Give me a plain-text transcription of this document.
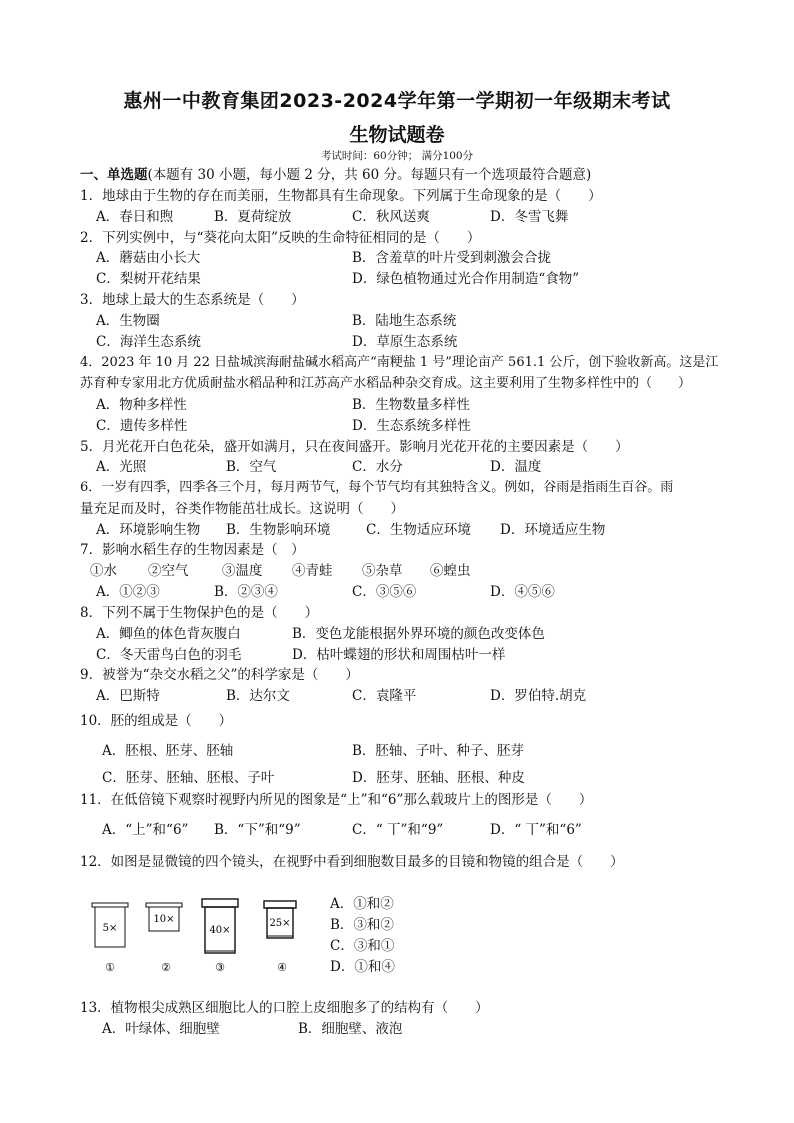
惠州一中教育集团2023-2024学年第一学期初一年级期末考试
生物试题卷
考试时间：60分钟； 满分100分
一、单选题(本题有 30 小题，每小题 2 分，共 60 分。每题只有一个选项最符合题意)
1．地球由于生物的存在而美丽，生物都具有生命现象。下列属于生命现象的是（　　）
A．春日和煦	B．夏荷绽放	C．秋风送爽	D．冬雪飞舞
2．下列实例中，与“葵花向太阳”反映的生命特征相同的是（　　）
A．蘑菇由小长大	B．含羞草的叶片受到刺激会合拢
C．梨树开花结果	D．绿色植物通过光合作用制造“食物”
3．地球上最大的生态系统是（　　）
A．生物圈	B．陆地生态系统
C．海洋生态系统	D．草原生态系统
4．2023 年 10 月 22 日盐城滨海耐盐碱水稻高产“南粳盐 1 号”理论亩产 561.1 公斤，创下验收新高。这是江
苏育种专家用北方优质耐盐水稻品种和江苏高产水稻品种杂交育成。这主要利用了生物多样性中的（　　）
A．物种多样性	B．生物数量多样性
C．遗传多样性	D．生态系统多样性
5．月光花开白色花朵，盛开如满月，只在夜间盛开。影响月光花开花的主要因素是（　　）
A．光照	B．空气	C．水分	D．温度
6．一岁有四季，四季各三个月，每月两节气，每个节气均有其独特含义。例如，谷雨是指雨生百谷。雨
量充足而及时，谷类作物能茁壮成长。这说明（　　）
A．环境影响生物 B．生物影响环境	C．生物适应环境 D．环境适应生物
7．影响水稻生存的生物因素是（　）
①水 ②空气 ③温度 ④青蛙 ⑤杂草 ⑥蝗虫
A．①②③	B．②③④	C．③⑤⑥	D．④⑤⑥
8．下列不属于生物保护色的是（　　）
A．鲫鱼的体色背灰腹白	B．变色龙能根据外界环境的颜色改变体色
C．冬天雷鸟白色的羽毛	D．枯叶蝶翅的形状和周围枯叶一样
9．被誉为“杂交水稻之父”的科学家是（　　）
A．巴斯特	B．达尔文	C．袁隆平	D．罗伯特.胡克
10．胚的组成是（　　）
A．胚根、胚芽、胚轴	B．胚轴、子叶、种子、胚芽
C．胚芽、胚轴、胚根、子叶	D．胚芽、胚轴、胚根、种皮
11．在低倍镜下观察时视野内所见的图象是“上”和“6”那么载玻片上的图形是（　　）
A．“上”和“6” B．“下”和“9”	C．“ 丅”和“9”	D．“ 丅”和“6”
12．如图是显微镜的四个镜头，在视野中看到细胞数目最多的目镜和物镜的组合是（　　）
5×
①
10×
②
40×
③
25×
④
A．①和②
B．③和②
C．③和①
D．①和④
13．植物根尖成熟区细胞比人的口腔上皮细胞多了的结构有（　　）
A．叶绿体、细胞壁	B．细胞壁、液泡
